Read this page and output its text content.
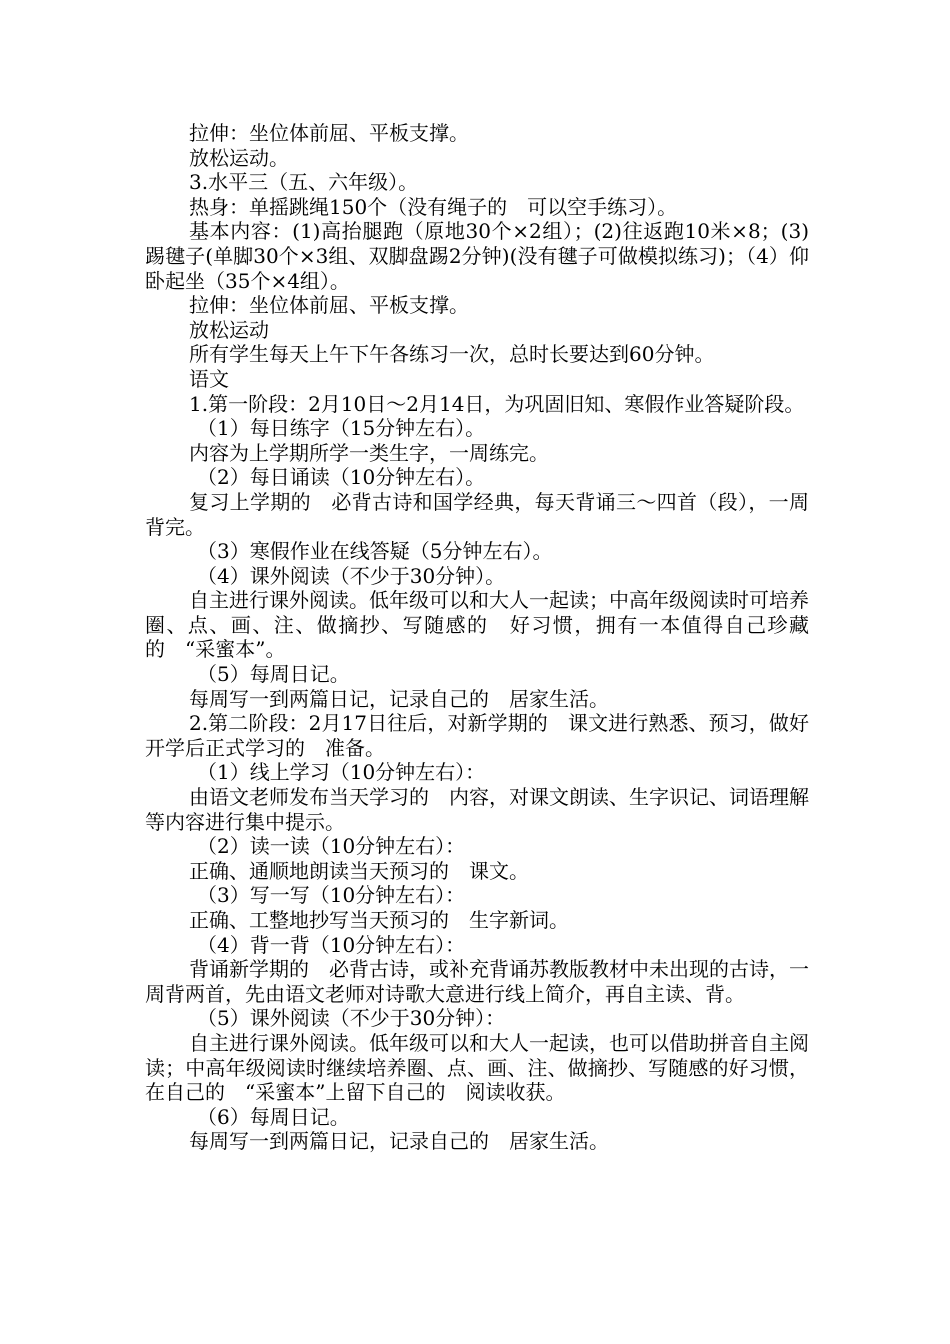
拉伸：坐位体前屈、平板支撑。

放松运动。

3.水平三（五、六年级）。

热身：单摇跳绳150个（没有绳子的　可以空手练习）。

基本内容：(1)高抬腿跑（原地30个×2组）；(2)往返跑10米×8；(3)踢毽子(单脚30个×3组、双脚盘踢2分钟)(没有毽子可做模拟练习)；（4）仰卧起坐（35个×4组）。

拉伸：坐位体前屈、平板支撑。

放松运动

所有学生每天上午下午各练习一次，总时长要达到60分钟。

语文

1.第一阶段：2月10日～2月14日，为巩固旧知、寒假作业答疑阶段。

（1）每日练字（15分钟左右）。

内容为上学期所学一类生字，一周练完。

（2）每日诵读（10分钟左右）。

复习上学期的　必背古诗和国学经典，每天背诵三～四首（段），一周背完。

（3）寒假作业在线答疑（5分钟左右）。

（4）课外阅读（不少于30分钟）。

自主进行课外阅读。低年级可以和大人一起读；中高年级阅读时可培养圈、点、画、注、做摘抄、写随感的　好习惯，拥有一本值得自己珍藏的　“采蜜本”。

（5）每周日记。

每周写一到两篇日记，记录自己的　居家生活。

2.第二阶段：2月17日往后，对新学期的　课文进行熟悉、预习，做好开学后正式学习的　准备。

（1）线上学习（10分钟左右）：

由语文老师发布当天学习的　内容，对课文朗读、生字识记、词语理解等内容进行集中提示。

（2）读一读（10分钟左右）：

正确、通顺地朗读当天预习的　课文。

（3）写一写（10分钟左右）：

正确、工整地抄写当天预习的　生字新词。

（4）背一背（10分钟左右）：

背诵新学期的　必背古诗，或补充背诵苏教版教材中未出现的古诗，一周背两首，先由语文老师对诗歌大意进行线上简介，再自主读、背。

（5）课外阅读（不少于30分钟）：

自主进行课外阅读。低年级可以和大人一起读，也可以借助拼音自主阅读；中高年级阅读时继续培养圈、点、画、注、做摘抄、写随感的好习惯，在自己的　“采蜜本”上留下自己的　阅读收获。

（6）每周日记。

每周写一到两篇日记，记录自己的　居家生活。
